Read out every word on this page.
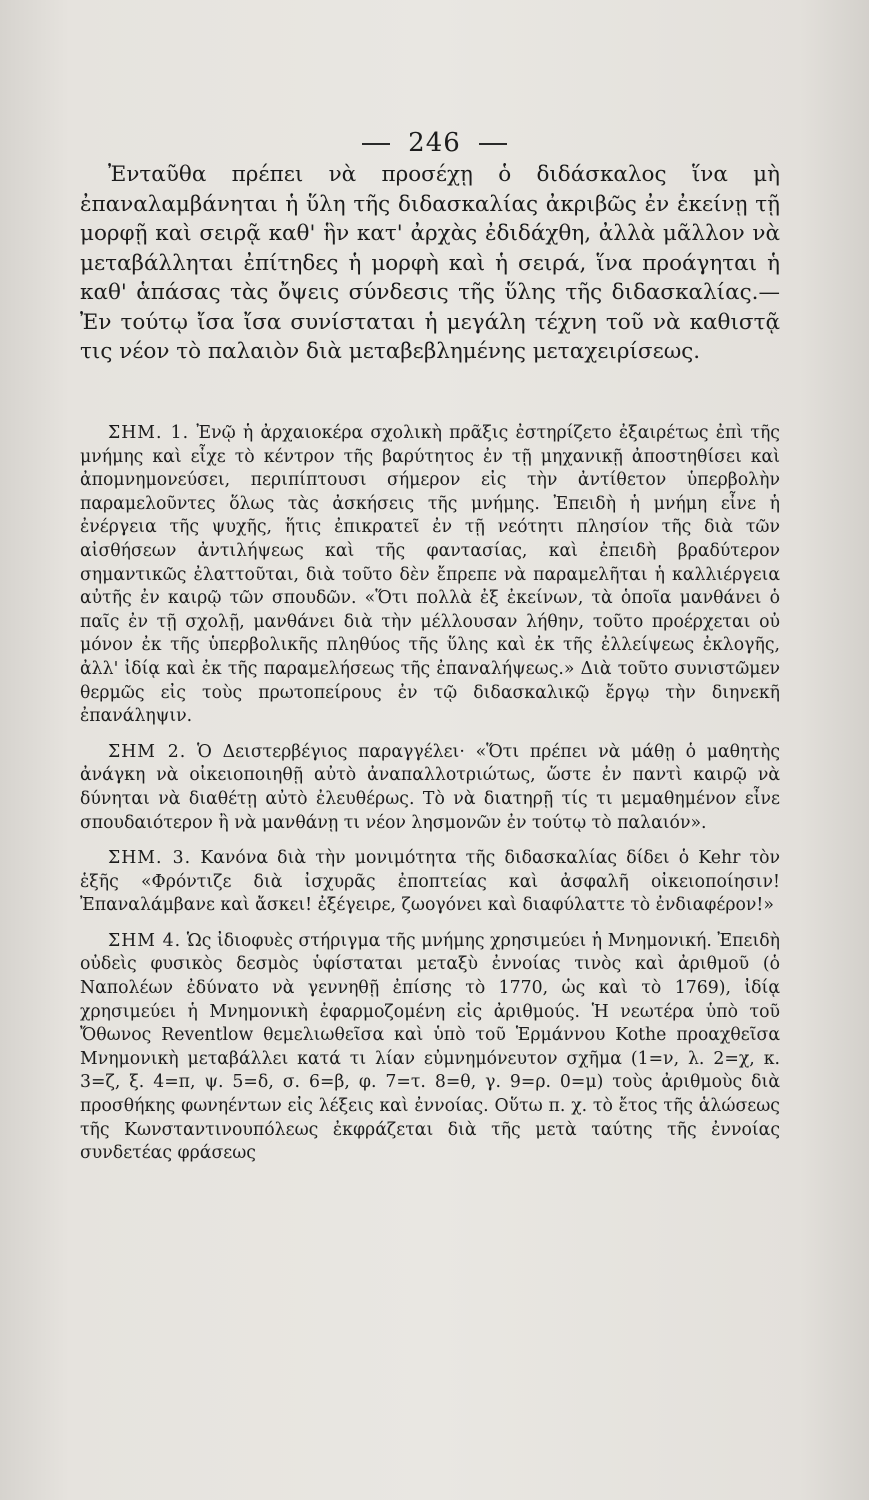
246

Ἐνταῦθα πρέπει νὰ προσέχῃ ὁ διδάσκαλος ἵνα μὴ ἐπαναλαμβάνηται ἡ ὕλη τῆς διδασκαλίας ἀκριβῶς ἐν ἐκείνῃ τῇ μορφῇ καὶ σειρᾷ καθ' ἣν κατ' ἀρχὰς ἐδιδάχθη, ἀλλὰ μᾶλλον νὰ μεταβάλληται ἐπίτηδες ἡ μορφὴ καὶ ἡ σειρά, ἵνα προάγηται ἡ καθ' ἁπάσας τὰς ὄψεις σύνδεσις τῆς ὕλης τῆς διδασκαλίας.— Ἐν τούτῳ ἴσα ἴσα συνίσταται ἡ μεγάλη τέχνη τοῦ νὰ καθιστᾷ τις νέον τὸ παλαιὸν διὰ μεταβεβλημένης μεταχειρίσεως.

ΣΗΜ. 1. Ἐνῷ ἡ ἀρχαιοκέρα σχολικὴ πρᾶξις ἐστηρίζετο ἐξαιρέτως ἐπὶ τῆς μνήμης καὶ εἶχε τὸ κέντρον τῆς βαρύτητος ἐν τῇ μηχανικῇ ἀποστηθίσει καὶ ἀπομνημονεύσει, περιπίπτουσι σήμερον εἰς τὴν ἀντίθετον ὑπερβολὴν παραμελοῦντες ὅλως τὰς ἀσκήσεις τῆς μνήμης. Ἐπειδὴ ἡ μνήμη εἶνε ἡ ἐνέργεια τῆς ψυχῆς, ἥτις ἐπικρατεῖ ἐν τῇ νεότητι πλησίον τῆς διὰ τῶν αἰσθήσεων ἀντιλήψεως καὶ τῆς φαντασίας, καὶ ἐπειδὴ βραδύτερον σημαντικῶς ἐλαττοῦται, διὰ τοῦτο δὲν ἔπρεπε νὰ παραμελῆται ἡ καλλιέργεια αὐτῆς ἐν καιρῷ τῶν σπουδῶν. «Ὅτι πολλὰ ἐξ ἐκείνων, τὰ ὁποῖα μανθάνει ὁ παῖς ἐν τῇ σχολῇ, μανθάνει διὰ τὴν μέλλουσαν λήθην, τοῦτο προέρχεται οὐ μόνον ἐκ τῆς ὑπερβολικῆς πληθύος τῆς ὕλης καὶ ἐκ τῆς ἐλλείψεως ἐκλογῆς, ἀλλ' ἰδίᾳ καὶ ἐκ τῆς παραμελήσεως τῆς ἐπαναλήψεως.» Διὰ τοῦτο συνιστῶμεν θερμῶς εἰς τοὺς πρωτοπείρους ἐν τῷ διδασκαλικῷ ἔργῳ τὴν διηνεκῆ ἐπανάληψιν.

ΣΗΜ 2. Ὁ Δειστερβέγιος παραγγέλει· «Ὅτι πρέπει νὰ μάθῃ ὁ μαθητὴς ἀνάγκη νὰ οἰκειοποιηθῇ αὐτὸ ἀναπαλλοτριώτως, ὥστε ἐν παντὶ καιρῷ νὰ δύνηται νὰ διαθέτῃ αὐτὸ ἐλευθέρως. Τὸ νὰ διατηρῇ τίς τι μεμαθημένον εἶνε σπουδαιότερον ἢ νὰ μανθάνῃ τι νέον λησμονῶν ἐν τούτῳ τὸ παλαιόν».

ΣΗΜ. 3. Κανόνα διὰ τὴν μονιμότητα τῆς διδασκαλίας δίδει ὁ Kehr τὸν ἑξῆς «Φρόντιζε διὰ ἰσχυρᾶς ἐποπτείας καὶ ἀσφαλῆ οἰκειοποίησιν! Ἐπαναλάμβανε καὶ ἄσκει! ἐξέγειρε, ζωογόνει καὶ διαφύλαττε τὸ ἐνδιαφέρον!»

ΣΗΜ 4. Ὡς ἰδιοφυὲς στήριγμα τῆς μνήμης χρησιμεύει ἡ Μνημονική. Ἐπειδὴ οὐδεὶς φυσικὸς δεσμὸς ὑφίσταται μεταξὺ ἐννοίας τινὸς καὶ ἀριθμοῦ (ὁ Ναπολέων ἐδύνατο νὰ γεννηθῇ ἐπίσης τὸ 1770, ὡς καὶ τὸ 1769), ἰδίᾳ χρησιμεύει ἡ Μνημονικὴ ἐφαρμοζομένη εἰς ἀριθμούς. Ἡ νεωτέρα ὑπὸ τοῦ Ὄθωνος Reventlow θεμελιωθεῖσα καὶ ὑπὸ τοῦ Ἑρμάννου Kothe προαχθεῖσα Μνημονικὴ μεταβάλλει κατά τι λίαν εὐμνημόνευτον σχῆμα (1=ν, λ. 2=χ, κ. 3=ζ, ξ. 4=π, ψ. 5=δ, σ. 6=β, φ. 7=τ. 8=θ, γ. 9=ρ. 0=μ) τοὺς ἀριθμοὺς διὰ προσθήκης φωνηέντων εἰς λέξεις καὶ ἐννοίας. Οὕτω π. χ. τὸ ἔτος τῆς ἁλώσεως τῆς Κωνσταντινουπόλεως ἐκφράζεται διὰ τῆς μετὰ ταύτης τῆς ἐννοίας συνδετέας φράσεως
